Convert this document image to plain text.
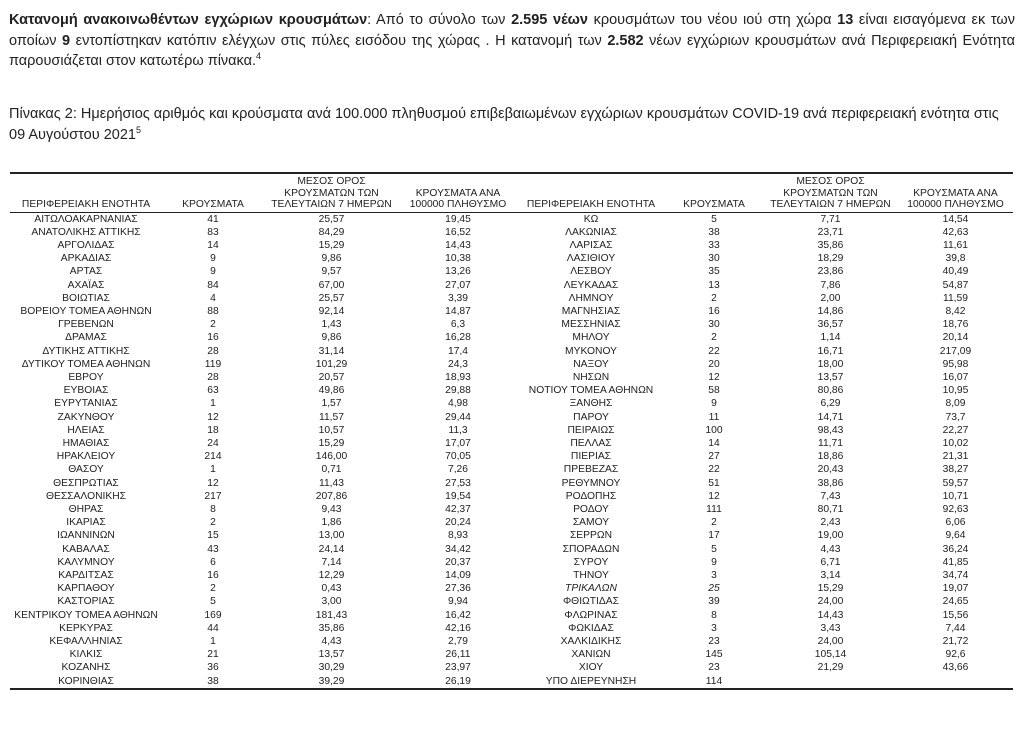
Κατανομή ανακοινωθέντων εγχώριων κρουσμάτων: Από το σύνολο των 2.595 νέων κρουσμάτων του νέου ιού στη χώρα 13 είναι εισαγόμενα εκ των οποίων 9 εντοπίστηκαν κατόπιν ελέγχων στις πύλες εισόδου της χώρας . Η κατανομή των 2.582 νέων εγχώριων κρουσμάτων ανά Περιφερειακή Ενότητα παρουσιάζεται στον κατωτέρω πίνακα.$^4$
Πίνακας 2: Ημερήσιος αριθμός και κρούσματα ανά 100.000 πληθυσμού επιβεβαιωμένων εγχώριων κρουσμάτων COVID-19 ανά περιφερειακή ενότητα στις 09 Αυγούστου 2021$^5$
ΠΕΡΙΦΕΡΕΙΑΚΗ ΕΝΟΤΗΤΑ	ΚΡΟΥΣΜΑΤΑ	ΜΕΣΟΣ ΟΡΟΣ ΚΡΟΥΣΜΑΤΩΝ ΤΩΝ ΤΕΛΕΥΤΑΙΩΝ 7 ΗΜΕΡΩΝ	ΚΡΟΥΣΜΑΤΑ ΑΝΑ 100000 ΠΛΗΘΥΣΜΟ	ΠΕΡΙΦΕΡΕΙΑΚΗ ΕΝΟΤΗΤΑ	ΚΡΟΥΣΜΑΤΑ	ΜΕΣΟΣ ΟΡΟΣ ΚΡΟΥΣΜΑΤΩΝ ΤΩΝ ΤΕΛΕΥΤΑΙΩΝ 7 ΗΜΕΡΩΝ	ΚΡΟΥΣΜΑΤΑ ΑΝΑ 100000 ΠΛΗΘΥΣΜΟ
ΑΙΤΩΛΟΑΚΑΡΝΑΝΙΑΣ	41	25,57	19,45	ΚΩ	5	7,71	14,54
ΑΝΑΤΟΛΙΚΗΣ ΑΤΤΙΚΗΣ	83	84,29	16,52	ΛΑΚΩΝΙΑΣ	38	23,71	42,63
ΑΡΓΟΛΙΔΑΣ	14	15,29	14,43	ΛΑΡΙΣΑΣ	33	35,86	11,61
ΑΡΚΑΔΙΑΣ	9	9,86	10,38	ΛΑΣΙΘΙΟΥ	30	18,29	39,8
ΑΡΤΑΣ	9	9,57	13,26	ΛΕΣΒΟΥ	35	23,86	40,49
ΑΧΑΪΑΣ	84	67,00	27,07	ΛΕΥΚΑΔΑΣ	13	7,86	54,87
ΒΟΙΩΤΙΑΣ	4	25,57	3,39	ΛΗΜΝΟΥ	2	2,00	11,59
ΒΟΡΕΙΟΥ ΤΟΜΕΑ ΑΘΗΝΩΝ	88	92,14	14,87	ΜΑΓΝΗΣΙΑΣ	16	14,86	8,42
ΓΡΕΒΕΝΩΝ	2	1,43	6,3	ΜΕΣΣΗΝΙΑΣ	30	36,57	18,76
ΔΡΑΜΑΣ	16	9,86	16,28	ΜΗΛΟΥ	2	1,14	20,14
ΔΥΤΙΚΗΣ ΑΤΤΙΚΗΣ	28	31,14	17,4	ΜΥΚΟΝΟΥ	22	16,71	217,09
ΔΥΤΙΚΟΥ ΤΟΜΕΑ ΑΘΗΝΩΝ	119	101,29	24,3	ΝΑΞΟΥ	20	18,00	95,98
ΕΒΡΟΥ	28	20,57	18,93	ΝΗΣΩΝ	12	13,57	16,07
ΕΥΒΟΙΑΣ	63	49,86	29,88	ΝΟΤΙΟΥ ΤΟΜΕΑ ΑΘΗΝΩΝ	58	80,86	10,95
ΕΥΡΥΤΑΝΙΑΣ	1	1,57	4,98	ΞΑΝΘΗΣ	9	6,29	8,09
ΖΑΚΥΝΘΟΥ	12	11,57	29,44	ΠΑΡΟΥ	11	14,71	73,7
ΗΛΕΙΑΣ	18	10,57	11,3	ΠΕΙΡΑΙΩΣ	100	98,43	22,27
ΗΜΑΘΙΑΣ	24	15,29	17,07	ΠΕΛΛΑΣ	14	11,71	10,02
ΗΡΑΚΛΕΙΟΥ	214	146,00	70,05	ΠΙΕΡΙΑΣ	27	18,86	21,31
ΘΑΣΟΥ	1	0,71	7,26	ΠΡΕΒΕΖΑΣ	22	20,43	38,27
ΘΕΣΠΡΩΤΙΑΣ	12	11,43	27,53	ΡΕΘΥΜΝΟΥ	51	38,86	59,57
ΘΕΣΣΑΛΟΝΙΚΗΣ	217	207,86	19,54	ΡΟΔΟΠΗΣ	12	7,43	10,71
ΘΗΡΑΣ	8	9,43	42,37	ΡΟΔΟΥ	111	80,71	92,63
ΙΚΑΡΙΑΣ	2	1,86	20,24	ΣΑΜΟΥ	2	2,43	6,06
ΙΩΑΝΝΙΝΩΝ	15	13,00	8,93	ΣΕΡΡΩΝ	17	19,00	9,64
ΚΑΒΑΛΑΣ	43	24,14	34,42	ΣΠΟΡΑΔΩΝ	5	4,43	36,24
ΚΑΛΥΜΝΟΥ	6	7,14	20,37	ΣΥΡΟΥ	9	6,71	41,85
ΚΑΡΔΙΤΣΑΣ	16	12,29	14,09	ΤΗΝΟΥ	3	3,14	34,74
ΚΑΡΠΑΘΟΥ	2	0,43	27,36	ΤΡΙΚΑΛΩΝ	25	15,29	19,07
ΚΑΣΤΟΡΙΑΣ	5	3,00	9,94	ΦΘΙΩΤΙΔΑΣ	39	24,00	24,65
ΚΕΝΤΡΙΚΟΥ ΤΟΜΕΑ ΑΘΗΝΩΝ	169	181,43	16,42	ΦΛΩΡΙΝΑΣ	8	14,43	15,56
ΚΕΡΚΥΡΑΣ	44	35,86	42,16	ΦΩΚΙΔΑΣ	3	3,43	7,44
ΚΕΦΑΛΛΗΝΙΑΣ	1	4,43	2,79	ΧΑΛΚΙΔΙΚΗΣ	23	24,00	21,72
ΚΙΛΚΙΣ	21	13,57	26,11	ΧΑΝΙΩΝ	145	105,14	92,6
ΚΟΖΑΝΗΣ	36	30,29	23,97	ΧΙΟΥ	23	21,29	43,66
ΚΟΡΙΝΘΙΑΣ	38	39,29	26,19	ΥΠΟ ΔΙΕΡΕΥΝΗΣΗ	114		
